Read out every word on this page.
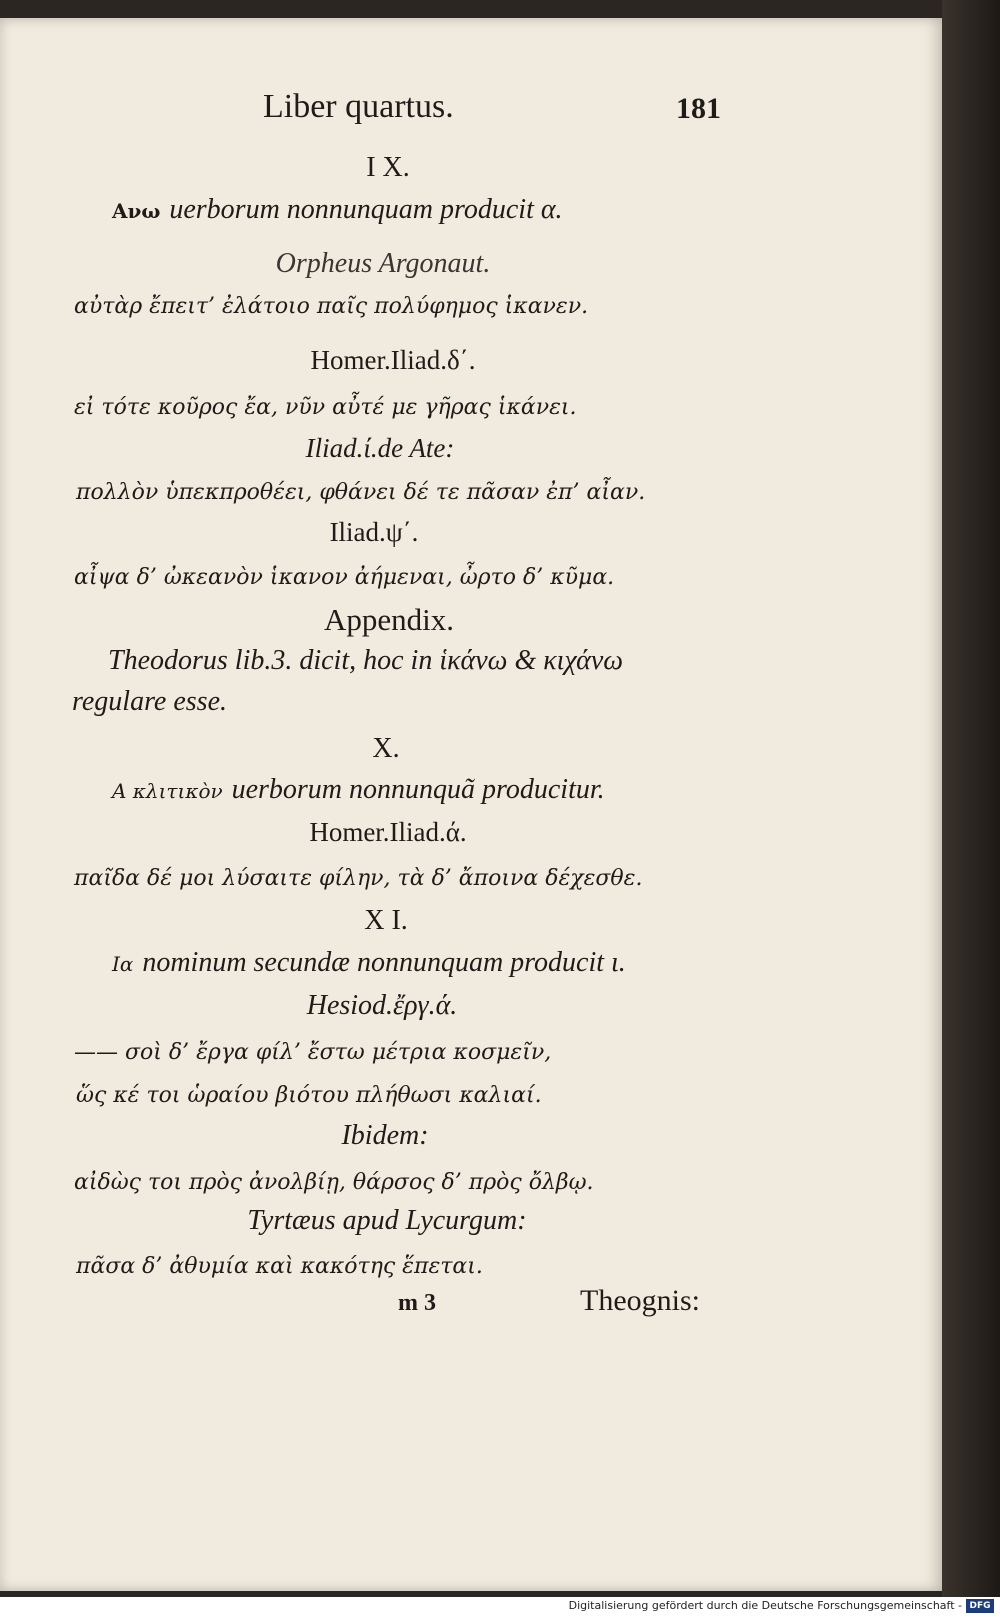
Liber quartus.	181
I X.
Ανω uerborum nonnunquam producit α.
Orpheus Argonaut.
αὐτὰρ ἔπειτ’ ἐλάτοιο παῖς πολύφημος ἱκανεν.
Homer.Iliad.δ΄.
εἰ τότε κοῦρος ἔα, νῦν αὖτέ με γῆρας ἱκάνει.
Iliad.ί.de Ate:
πολλὸν ὑπεκπροθέει, φθάνει δέ τε πᾶσαν ἐπ’ αἶαν.
Iliad.ψ΄.
αἶψα δ’ ὠκεανὸν ἱκανον ἀήμεναι, ὦρτο δ’ κῦμα.
Appendix.
Theodorus lib.3. dicit, hoc in ἱκάνω & κιχάνω
regulare esse.
X.
Α κλιτικὸν uerborum nonnunquã producitur.
Homer.Iliad.ά.
παῖδα δέ μοι λύσαιτε φίλην, τὰ δ’ ἄποινα δέχεσθε.
X I.
Ια nominum secundæ nonnunquam producit ι.
Hesiod.ἔργ.ά.
—— σοὶ δ’ ἔργα φίλ’ ἔστω μέτρια κοσμεῖν,
ὥς κέ τοι ὡραίου βιότου πλήθωσι καλιαί.
Ibidem:
αἰδὼς τοι πρὸς ἀνολβίῃ, θάρσος δ’ πρὸς ὄλβῳ.
Tyrtæus apud Lycurgum:
πᾶσα δ’ ἀθυμία καὶ κακότης ἕπεται.
m 3	Theognis:
Digitalisierung gefördert durch die Deutsche Forschungsgemeinschaft - DFG
